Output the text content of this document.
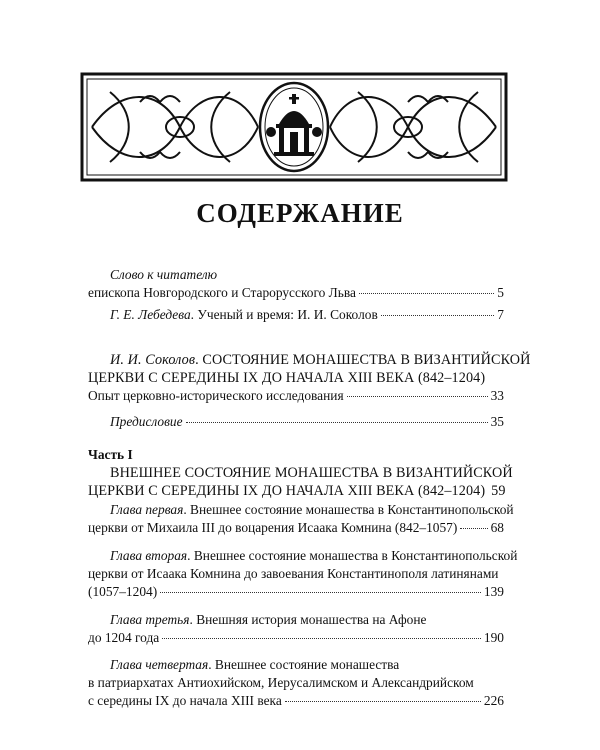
СОДЕРЖАНИЕ
Слово к читателю
епископа Новгородского и Старорусского Льва	5
Г. Е. Лебедева. Ученый и время: И. И. Соколов	7
И. И. Соколов. СОСТОЯНИЕ МОНАШЕСТВА В ВИЗАНТИЙСКОЙ
ЦЕРКВИ С СЕРЕДИНЫ IX ДО НАЧАЛА XIII ВЕКА (842–1204)
Опыт церковно-исторического исследования	33
Предисловие	35
Часть I
ВНЕШНЕЕ СОСТОЯНИЕ МОНАШЕСТВА В ВИЗАНТИЙСКОЙ
ЦЕРКВИ С СЕРЕДИНЫ IX ДО НАЧАЛА XIII ВЕКА (842–1204) 59
Глава первая. Внешнее состояние монашества в Константинопольской
церкви от Михаила III до воцарения Исаака Комнина (842–1057) 68
Глава вторая. Внешнее состояние монашества в Константинопольской
церкви от Исаака Комнина до завоевания Константинополя латинянами
(1057–1204)	139
Глава третья. Внешняя история монашества на Афоне
до 1204 года	190
Глава четвертая. Внешнее состояние монашества
в патриархатах Антиохийском, Иерусалимском и Александрийском
с середины IX до начала XIII века	226
